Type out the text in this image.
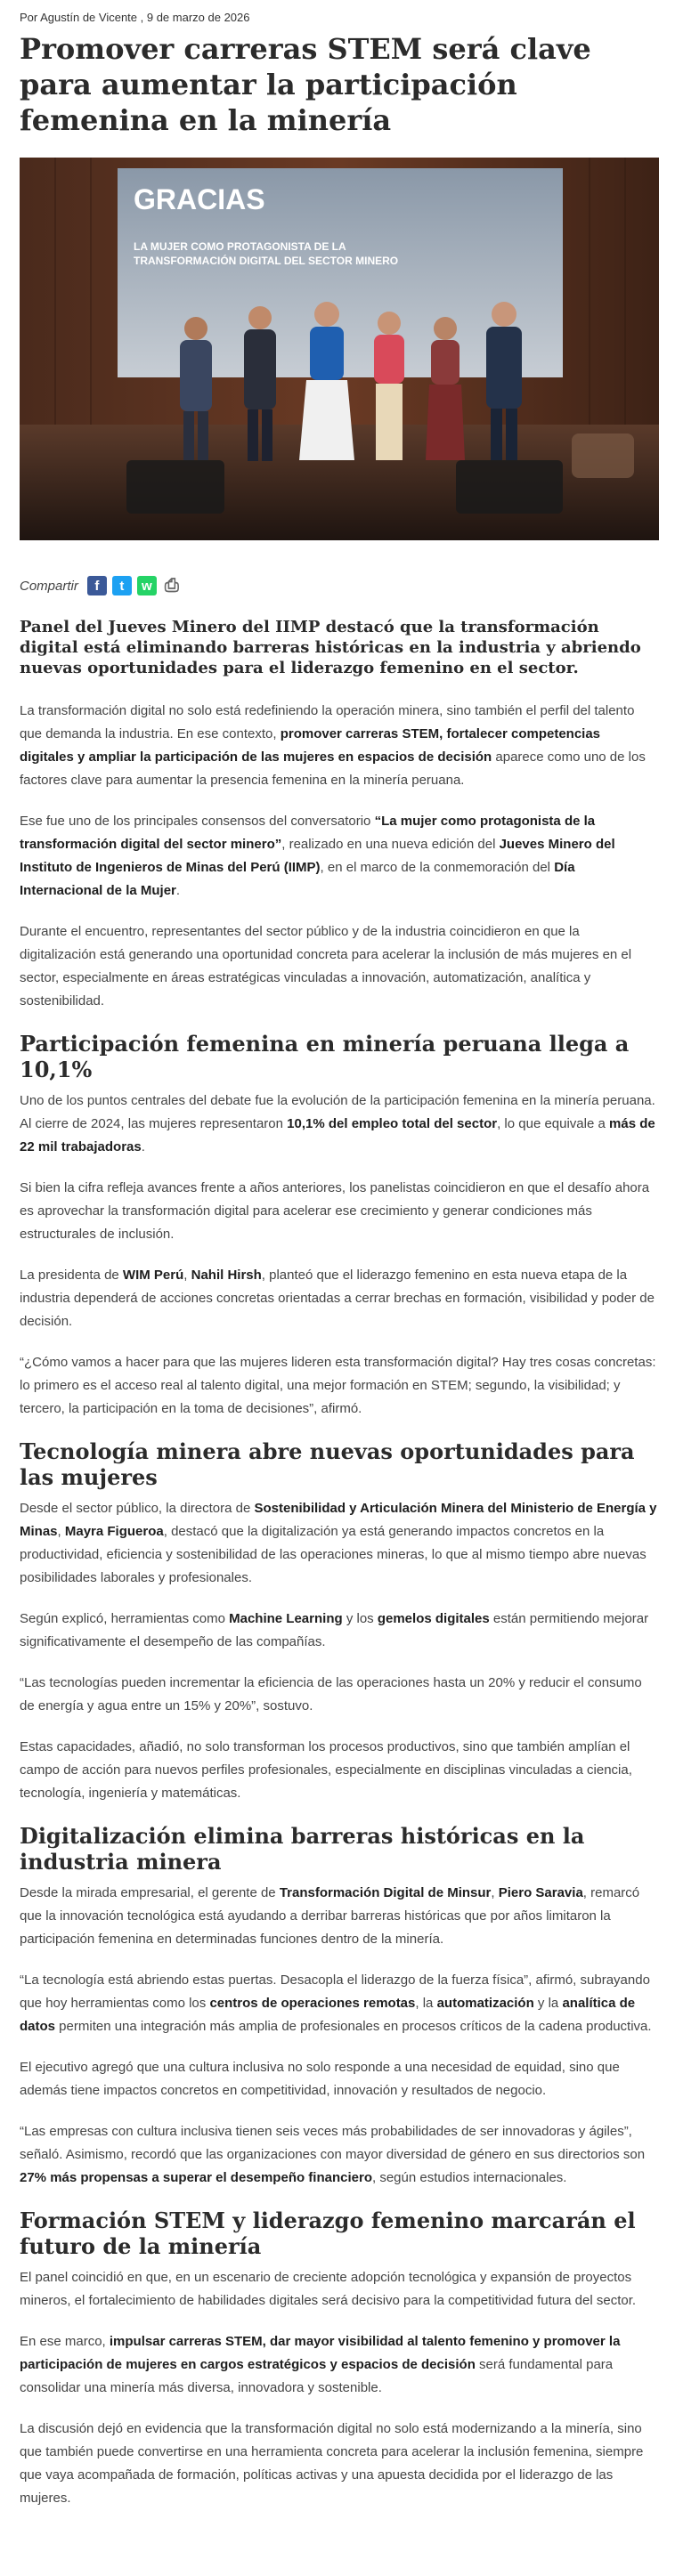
Por Agustín de Vicente , 9 de marzo de 2026
Promover carreras STEM será clave para aumentar la participación femenina en la minería
GRACIAS
LA MUJER COMO PROTAGONISTA DE LA
TRANSFORMACIÓN DIGITAL DEL SECTOR MINERO
Compartir f t w ⎙
Panel del Jueves Minero del IIMP destacó que la transformación digital está eliminando barreras históricas en la industria y abriendo nuevas oportunidades para el liderazgo femenino en el sector.

La transformación digital no solo está redefiniendo la operación minera, sino también el perfil del talento que demanda la industria. En ese contexto, promover carreras STEM, fortalecer competencias digitales y ampliar la participación de las mujeres en espacios de decisión aparece como uno de los factores clave para aumentar la presencia femenina en la minería peruana.

Ese fue uno de los principales consensos del conversatorio “La mujer como protagonista de la transformación digital del sector minero”, realizado en una nueva edición del Jueves Minero del Instituto de Ingenieros de Minas del Perú (IIMP), en el marco de la conmemoración del Día Internacional de la Mujer.

Durante el encuentro, representantes del sector público y de la industria coincidieron en que la digitalización está generando una oportunidad concreta para acelerar la inclusión de más mujeres en el sector, especialmente en áreas estratégicas vinculadas a innovación, automatización, analítica y sostenibilidad.

Participación femenina en minería peruana llega a 10,1%

Uno de los puntos centrales del debate fue la evolución de la participación femenina en la minería peruana. Al cierre de 2024, las mujeres representaron 10,1% del empleo total del sector, lo que equivale a más de 22 mil trabajadoras.

Si bien la cifra refleja avances frente a años anteriores, los panelistas coincidieron en que el desafío ahora es aprovechar la transformación digital para acelerar ese crecimiento y generar condiciones más estructurales de inclusión.

La presidenta de WIM Perú, Nahil Hirsh, planteó que el liderazgo femenino en esta nueva etapa de la industria dependerá de acciones concretas orientadas a cerrar brechas en formación, visibilidad y poder de decisión.

“¿Cómo vamos a hacer para que las mujeres lideren esta transformación digital? Hay tres cosas concretas: lo primero es el acceso real al talento digital, una mejor formación en STEM; segundo, la visibilidad; y tercero, la participación en la toma de decisiones”, afirmó.

Tecnología minera abre nuevas oportunidades para las mujeres

Desde el sector público, la directora de Sostenibilidad y Articulación Minera del Ministerio de Energía y Minas, Mayra Figueroa, destacó que la digitalización ya está generando impactos concretos en la productividad, eficiencia y sostenibilidad de las operaciones mineras, lo que al mismo tiempo abre nuevas posibilidades laborales y profesionales.

Según explicó, herramientas como Machine Learning y los gemelos digitales están permitiendo mejorar significativamente el desempeño de las compañías.

“Las tecnologías pueden incrementar la eficiencia de las operaciones hasta un 20% y reducir el consumo de energía y agua entre un 15% y 20%”, sostuvo.

Estas capacidades, añadió, no solo transforman los procesos productivos, sino que también amplían el campo de acción para nuevos perfiles profesionales, especialmente en disciplinas vinculadas a ciencia, tecnología, ingeniería y matemáticas.

Digitalización elimina barreras históricas en la industria minera

Desde la mirada empresarial, el gerente de Transformación Digital de Minsur, Piero Saravia, remarcó que la innovación tecnológica está ayudando a derribar barreras históricas que por años limitaron la participación femenina en determinadas funciones dentro de la minería.

“La tecnología está abriendo estas puertas. Desacopla el liderazgo de la fuerza física”, afirmó, subrayando que hoy herramientas como los centros de operaciones remotas, la automatización y la analítica de datos permiten una integración más amplia de profesionales en procesos críticos de la cadena productiva.

El ejecutivo agregó que una cultura inclusiva no solo responde a una necesidad de equidad, sino que además tiene impactos concretos en competitividad, innovación y resultados de negocio.

“Las empresas con cultura inclusiva tienen seis veces más probabilidades de ser innovadoras y ágiles”, señaló. Asimismo, recordó que las organizaciones con mayor diversidad de género en sus directorios son 27% más propensas a superar el desempeño financiero, según estudios internacionales.

Formación STEM y liderazgo femenino marcarán el futuro de la minería

El panel coincidió en que, en un escenario de creciente adopción tecnológica y expansión de proyectos mineros, el fortalecimiento de habilidades digitales será decisivo para la competitividad futura del sector.

En ese marco, impulsar carreras STEM, dar mayor visibilidad al talento femenino y promover la participación de mujeres en cargos estratégicos y espacios de decisión será fundamental para consolidar una minería más diversa, innovadora y sostenible.

La discusión dejó en evidencia que la transformación digital no solo está modernizando a la minería, sino que también puede convertirse en una herramienta concreta para acelerar la inclusión femenina, siempre que vaya acompañada de formación, políticas activas y una apuesta decidida por el liderazgo de las mujeres.
